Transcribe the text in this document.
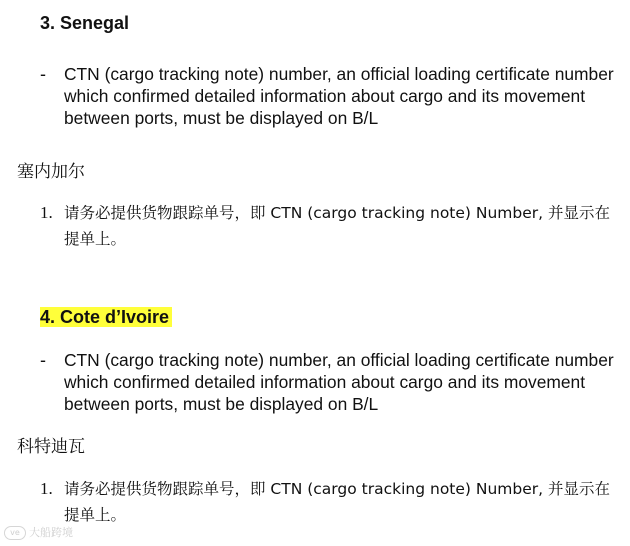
3. Senegal
- CTN (cargo tracking note) number, an official loading certificate number which confirmed detailed information about cargo and its movement between ports, must be displayed on B/L
塞内加尔
1. 请务必提供货物跟踪单号，即 CTN (cargo tracking note) Number, 并显示在提单上。
4. Cote d’Ivoire
- CTN (cargo tracking note) number, an official loading certificate number which confirmed detailed information about cargo and its movement between ports, must be displayed on B/L
科特迪瓦
1. 请务必提供货物跟踪单号，即 CTN (cargo tracking note) Number, 并显示在提单上。
ve 大船跨境
